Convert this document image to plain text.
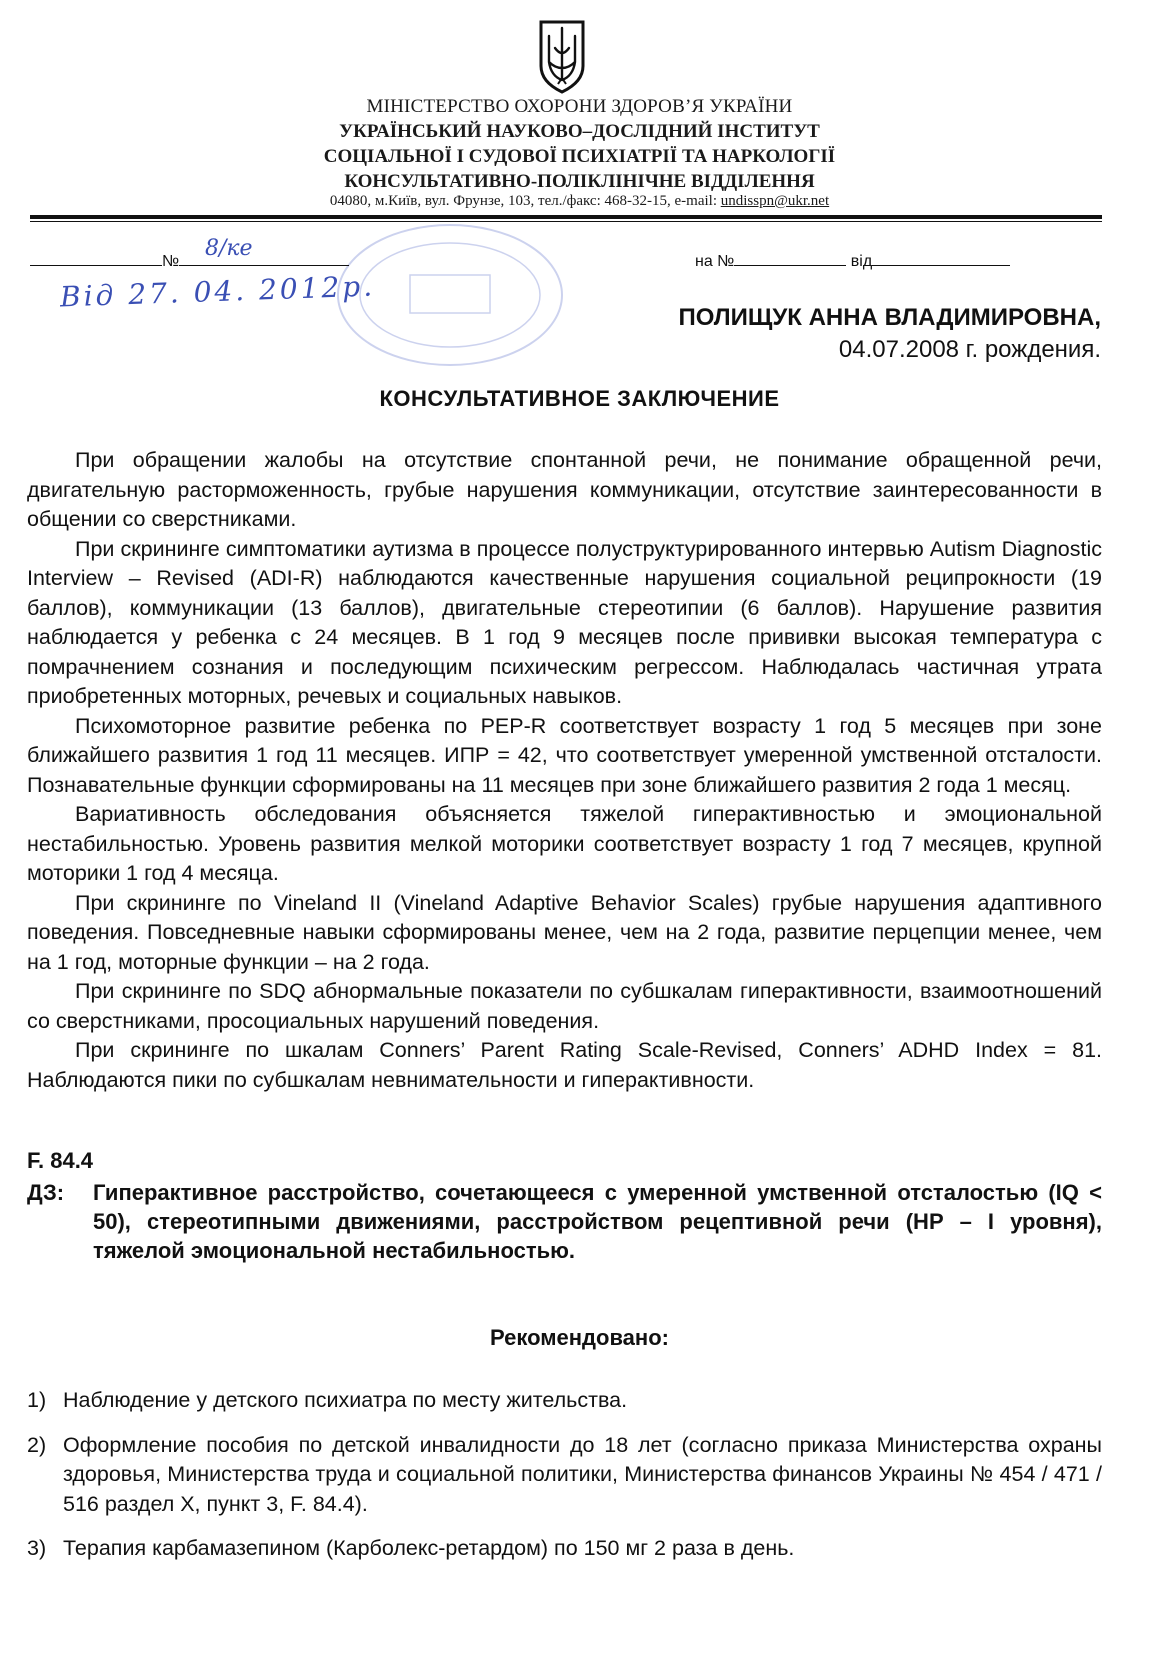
МІНІСТЕРСТВО ОХОРОНИ ЗДОРОВ’Я УКРАЇНИ
УКРАЇНСЬКИЙ НАУКОВО–ДОСЛІДНИЙ ІНСТИТУТ
СОЦІАЛЬНОЇ І СУДОВОЇ ПСИХІАТРІЇ ТА НАРКОЛОГІЇ
КОНСУЛЬТАТИВНО-ПОЛІКЛІНІЧНЕ ВІДДІЛЕННЯ
04080, м.Київ, вул. Фрунзе, 103, тел./факс: 468-32-15, e-mail: undisspn@ukr.net
№
8/ке
Від 27. 04. 2012р.
на №	від
ПОЛИЩУК АННА ВЛАДИМИРОВНА,
04.07.2008 г. рождения.
КОНСУЛЬТАТИВНОЕ ЗАКЛЮЧЕНИЕ

При обращении жалобы на отсутствие спонтанной речи, не понимание обращенной речи, двигательную расторможенность, грубые нарушения коммуникации, отсутствие заинтересованности в общении со сверстниками.

При скрининге симптоматики аутизма в процессе полуструктурированного интервью Autism Diagnostic Interview – Revised (ADI-R) наблюдаются качественные нарушения социальной реципрокности (19 баллов), коммуникации (13 баллов), двигательные стереотипии (6 баллов). Нарушение развития наблюдается у ребенка с 24 месяцев. В 1 год 9 месяцев после прививки высокая температура с помрачнением сознания и последующим психическим регрессом. Наблюдалась частичная утрата приобретенных моторных, речевых и социальных навыков.

Психомоторное развитие ребенка по PEP-R соответствует возрасту 1 год 5 месяцев при зоне ближайшего развития 1 год 11 месяцев. ИПР = 42, что соответствует умеренной умственной отсталости. Познавательные функции сформированы на 11 месяцев при зоне ближайшего развития 2 года 1 месяц.

Вариативность обследования объясняется тяжелой гиперактивностью и эмоциональной нестабильностью. Уровень развития мелкой моторики соответствует возрасту 1 год 7 месяцев, крупной моторики 1 год 4 месяца.

При скрининге по Vineland II (Vineland Adaptive Behavior Scales) грубые нарушения адаптивного поведения. Повседневные навыки сформированы менее, чем на 2 года, развитие перцепции менее, чем на 1 год, моторные функции – на 2 года.

При скрининге по SDQ абнормальные показатели по субшкалам гиперактивности, взаимоотношений со сверстниками, просоциальных нарушений поведения.

При скрининге по шкалам Conners’ Parent Rating Scale-Revised, Conners’ ADHD Index = 81. Наблюдаются пики по субшкалам невнимательности и гиперактивности.

F. 84.4
ДЗ: Гиперактивное расстройство, сочетающееся с умеренной умственной отсталостью (IQ < 50), стереотипными движениями, расстройством рецептивной речи (НР – I уровня), тяжелой эмоциональной нестабильностью.
Рекомендовано:
1) Наблюдение у детского психиатра по месту жительства.
2) Оформление пособия по детской инвалидности до 18 лет (согласно приказа Министерства охраны здоровья, Министерства труда и социальной политики, Министерства финансов Украины № 454 / 471 / 516 раздел X, пункт 3, F. 84.4).
3) Терапия карбамазепином (Карболекс-ретардом) по 150 мг 2 раза в день.
